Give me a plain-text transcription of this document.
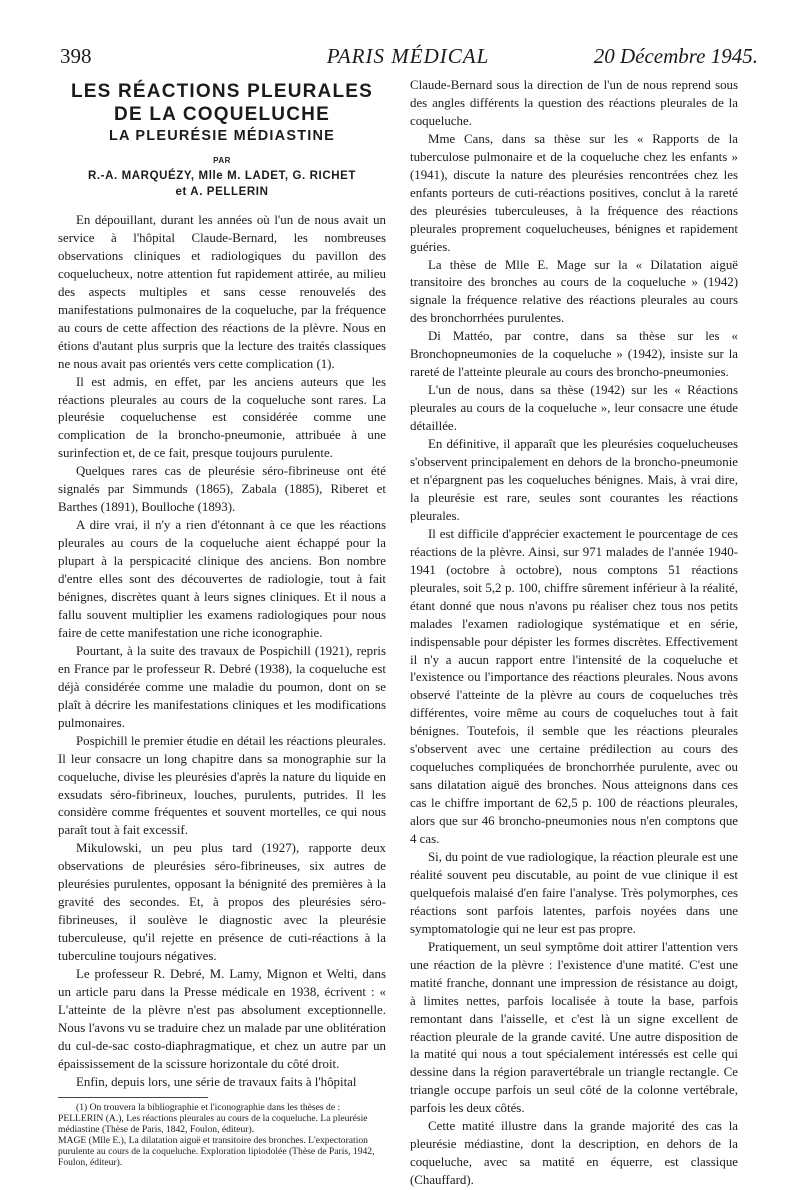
398	PARIS MÉDICAL	20 Décembre 1945.
LES RÉACTIONS PLEURALES
DE LA COQUELUCHE
LA PLEURÉSIE MÉDIASTINE
PAR
R.-A. MARQUÉZY, Mlle M. LADET, G. RICHET
et A. PELLERIN

En dépouillant, durant les années où l'un de nous avait un service à l'hôpital Claude-Bernard, les nombreuses observations cliniques et radiologiques du pavillon des coquelucheux, notre attention fut rapidement attirée, au milieu des aspects multiples et sans cesse renouvelés des manifestations pulmonaires de la coqueluche, par la fréquence au cours de cette affection des réactions de la plèvre. Nous en étions d'autant plus surpris que la lecture des traités classiques ne nous avait pas orientés vers cette complication (1).

Il est admis, en effet, par les anciens auteurs que les réactions pleurales au cours de la coqueluche sont rares. La pleurésie coqueluchense est considérée comme une complication de la broncho-pneumonie, attribuée à une surinfection et, de ce fait, presque toujours purulente.

Quelques rares cas de pleurésie séro-fibrineuse ont été signalés par Simmunds (1865), Zabala (1885), Riberet et Barthes (1891), Boulloche (1893).

A dire vrai, il n'y a rien d'étonnant à ce que les réactions pleurales au cours de la coqueluche aient échappé pour la plupart à la perspicacité clinique des anciens. Bon nombre d'entre elles sont des découvertes de radiologie, tout à fait bénignes, discrètes quant à leurs signes cliniques. Et il nous a fallu souvent multiplier les examens radiologiques pour nous faire de cette manifestation une riche iconographie.

Pourtant, à la suite des travaux de Pospichill (1921), repris en France par le professeur R. Debré (1938), la coqueluche est déjà considérée comme une maladie du poumon, dont on se plaît à décrire les manifestations cliniques et les modifications pulmonaires.

Pospichill le premier étudie en détail les réactions pleurales. Il leur consacre un long chapitre dans sa monographie sur la coqueluche, divise les pleurésies d'après la nature du liquide en exsudats séro-fibrineux, louches, purulents, putrides. Il les considère comme fréquentes et souvent mortelles, ce qui nous paraît tout à fait excessif.

Mikulowski, un peu plus tard (1927), rapporte deux observations de pleurésies séro-fibrineuses, six autres de pleurésies purulentes, opposant la bénignité des premières à la gravité des secondes. Et, à propos des pleurésies séro-fibrineuses, il soulève le diagnostic avec la pleurésie tuberculeuse, qu'il rejette en présence de cuti-réactions à la tuberculine toujours négatives.

Le professeur R. Debré, M. Lamy, Mignon et Welti, dans un article paru dans la Presse médicale en 1938, écrivent : « L'atteinte de la plèvre n'est pas absolument exceptionnelle. Nous l'avons vu se traduire chez un malade par une oblitération du cul-de-sac costo-diaphragmatique, et chez un autre par un épaississement de la scissure horizontale du côté droit.

Enfin, depuis lors, une série de travaux faits à l'hôpital

(1) On trouvera la bibliographie et l'iconographie dans les thèses de :
PELLERIN (A.), Les réactions pleurales au cours de la coqueluche. La pleurésie médiastine (Thèse de Paris, 1842, Foulon, éditeur).
MAGE (Mlle E.), La dilatation aiguë et transitoire des bronches. L'expectoration purulente au cours de la coqueluche. Exploration lipiodolée (Thèse de Paris, 1942, Foulon, éditeur).

Claude-Bernard sous la direction de l'un de nous reprend sous des angles différents la question des réactions pleurales de la coqueluche.

Mme Cans, dans sa thèse sur les « Rapports de la tuberculose pulmonaire et de la coqueluche chez les enfants » (1941), discute la nature des pleurésies rencontrées chez les enfants porteurs de cuti-réactions positives, conclut à la rareté des pleurésies tuberculeuses, à la fréquence des réactions pleurales proprement coquelucheuses, bénignes et rapidement guéries.

La thèse de Mlle E. Mage sur la « Dilatation aiguë transitoire des bronches au cours de la coqueluche » (1942) signale la fréquence relative des réactions pleurales au cours des bronchorrhées purulentes.

Di Mattéo, par contre, dans sa thèse sur les « Bronchopneumonies de la coqueluche » (1942), insiste sur la rareté de l'atteinte pleurale au cours des broncho-pneumonies.

L'un de nous, dans sa thèse (1942) sur les « Réactions pleurales au cours de la coqueluche », leur consacre une étude détaillée.

En définitive, il apparaît que les pleurésies coquelucheuses s'observent principalement en dehors de la broncho-pneumonie et n'épargnent pas les coqueluches bénignes. Mais, à vrai dire, la pleurésie est rare, seules sont courantes les réactions pleurales.

Il est difficile d'apprécier exactement le pourcentage de ces réactions de la plèvre. Ainsi, sur 971 malades de l'année 1940-1941 (octobre à octobre), nous comptons 51 réactions pleurales, soit 5,2 p. 100, chiffre sûrement inférieur à la réalité, étant donné que nous n'avons pu réaliser chez tous nos petits malades l'examen radiologique systématique et en série, indispensable pour dépister les formes discrètes. Effectivement il n'y a aucun rapport entre l'intensité de la coqueluche et l'existence ou l'importance des réactions pleurales. Nous avons observé l'atteinte de la plèvre au cours de coqueluches très différentes, voire même au cours de coqueluches tout à fait bénignes. Toutefois, il semble que les réactions pleurales s'observent avec une certaine prédilection au cours des coqueluches compliquées de bronchorrhée purulente, avec ou sans dilatation aiguë des bronches. Nous atteignons dans ces cas le chiffre important de 62,5 p. 100 de réactions pleurales, alors que sur 46 broncho-pneumonies nous n'en comptons que 4 cas.

Si, du point de vue radiologique, la réaction pleurale est une réalité souvent peu discutable, au point de vue clinique il est quelquefois malaisé d'en faire l'analyse. Très polymorphes, ces réactions sont parfois latentes, parfois noyées dans une symptomatologie qui ne leur est pas propre.

Pratiquement, un seul symptôme doit attirer l'attention vers une réaction de la plèvre : l'existence d'une matité. C'est une matité franche, donnant une impression de résistance au doigt, à limites nettes, parfois localisée à toute la base, parfois remontant dans l'aisselle, et c'est là un signe excellent de réaction pleurale de la grande cavité. Une autre disposition de la matité qui nous a tout spécialement intéressés est celle qui dessine dans la région paravertébrale un triangle rectangle. Ce triangle occupe parfois un seul côté de la colonne vertébrale, parfois les deux côtés.

Cette matité illustre dans la grande majorité des cas la pleurésie médiastine, dont la description, en dehors de la coqueluche, avec sa matité en équerre, est classique (Chauffard).
